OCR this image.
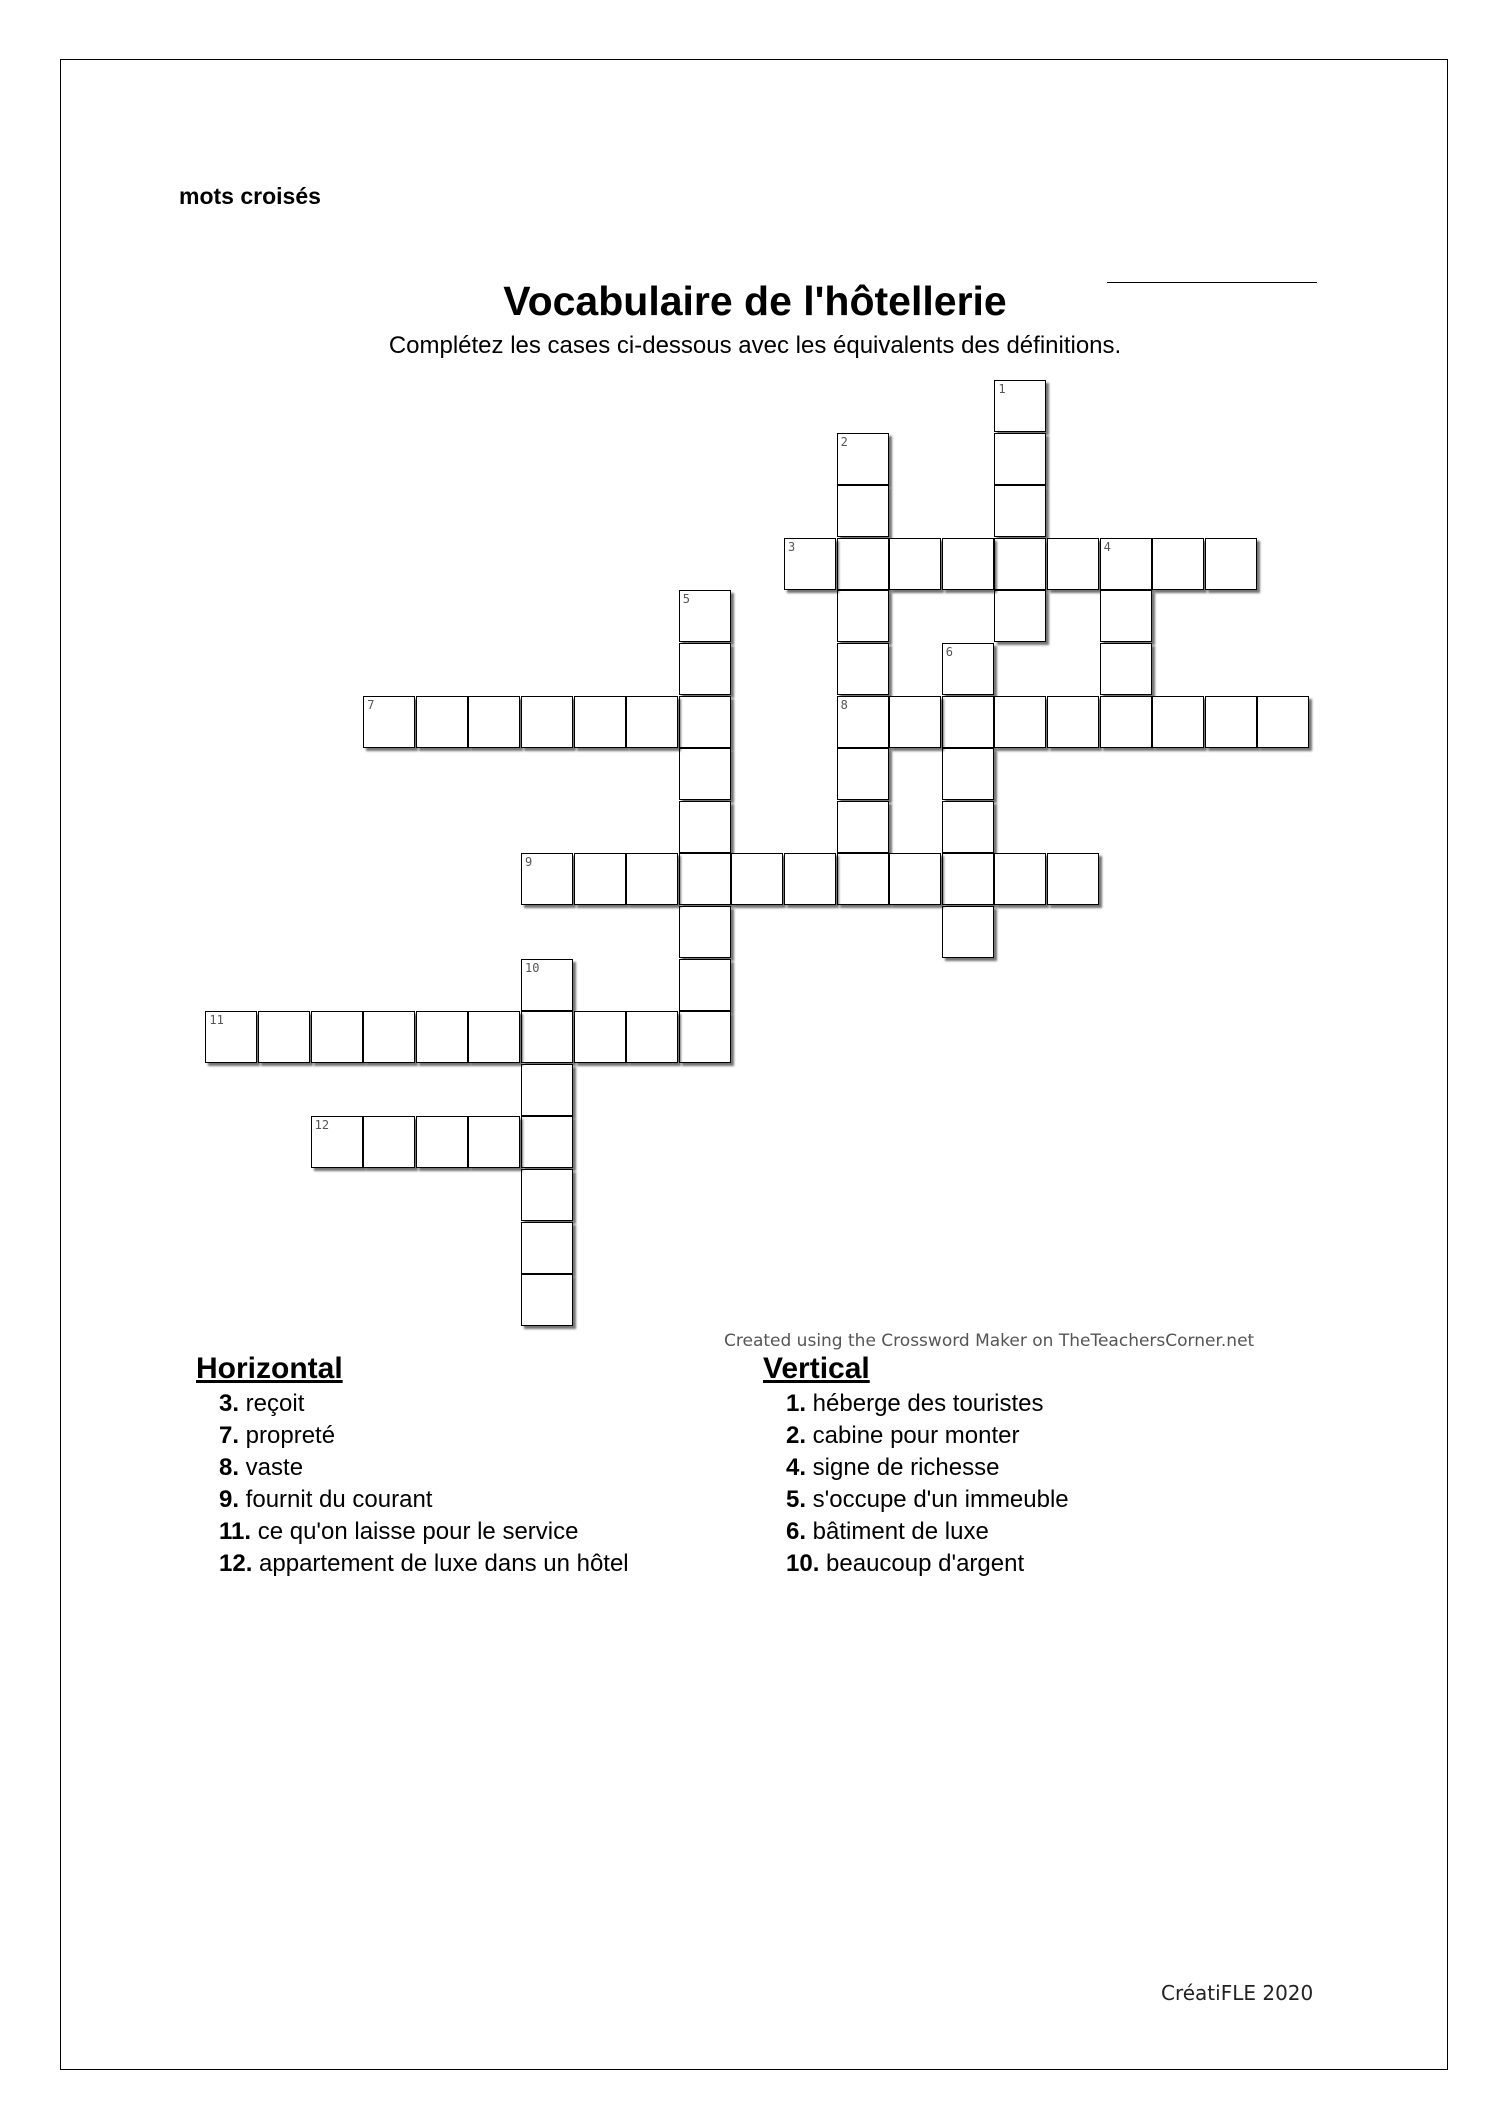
mots croisés
Vocabulaire de l'hôtellerie
Complétez les cases ci-dessous avec les équivalents des définitions.
1
2
8
3	4
5
6
7
9
10
11
12
Created using the Crossword Maker on TheTeachersCorner.net
Horizontal
3. reçoit
7. propreté
8. vaste
9. fournit du courant
11. ce qu'on laisse pour le service
12. appartement de luxe dans un hôtel
Vertical
1. héberge des touristes
2. cabine pour monter
4. signe de richesse
5. s'occupe d'un immeuble
6. bâtiment de luxe
10. beaucoup d'argent
CréatiFLE 2020
